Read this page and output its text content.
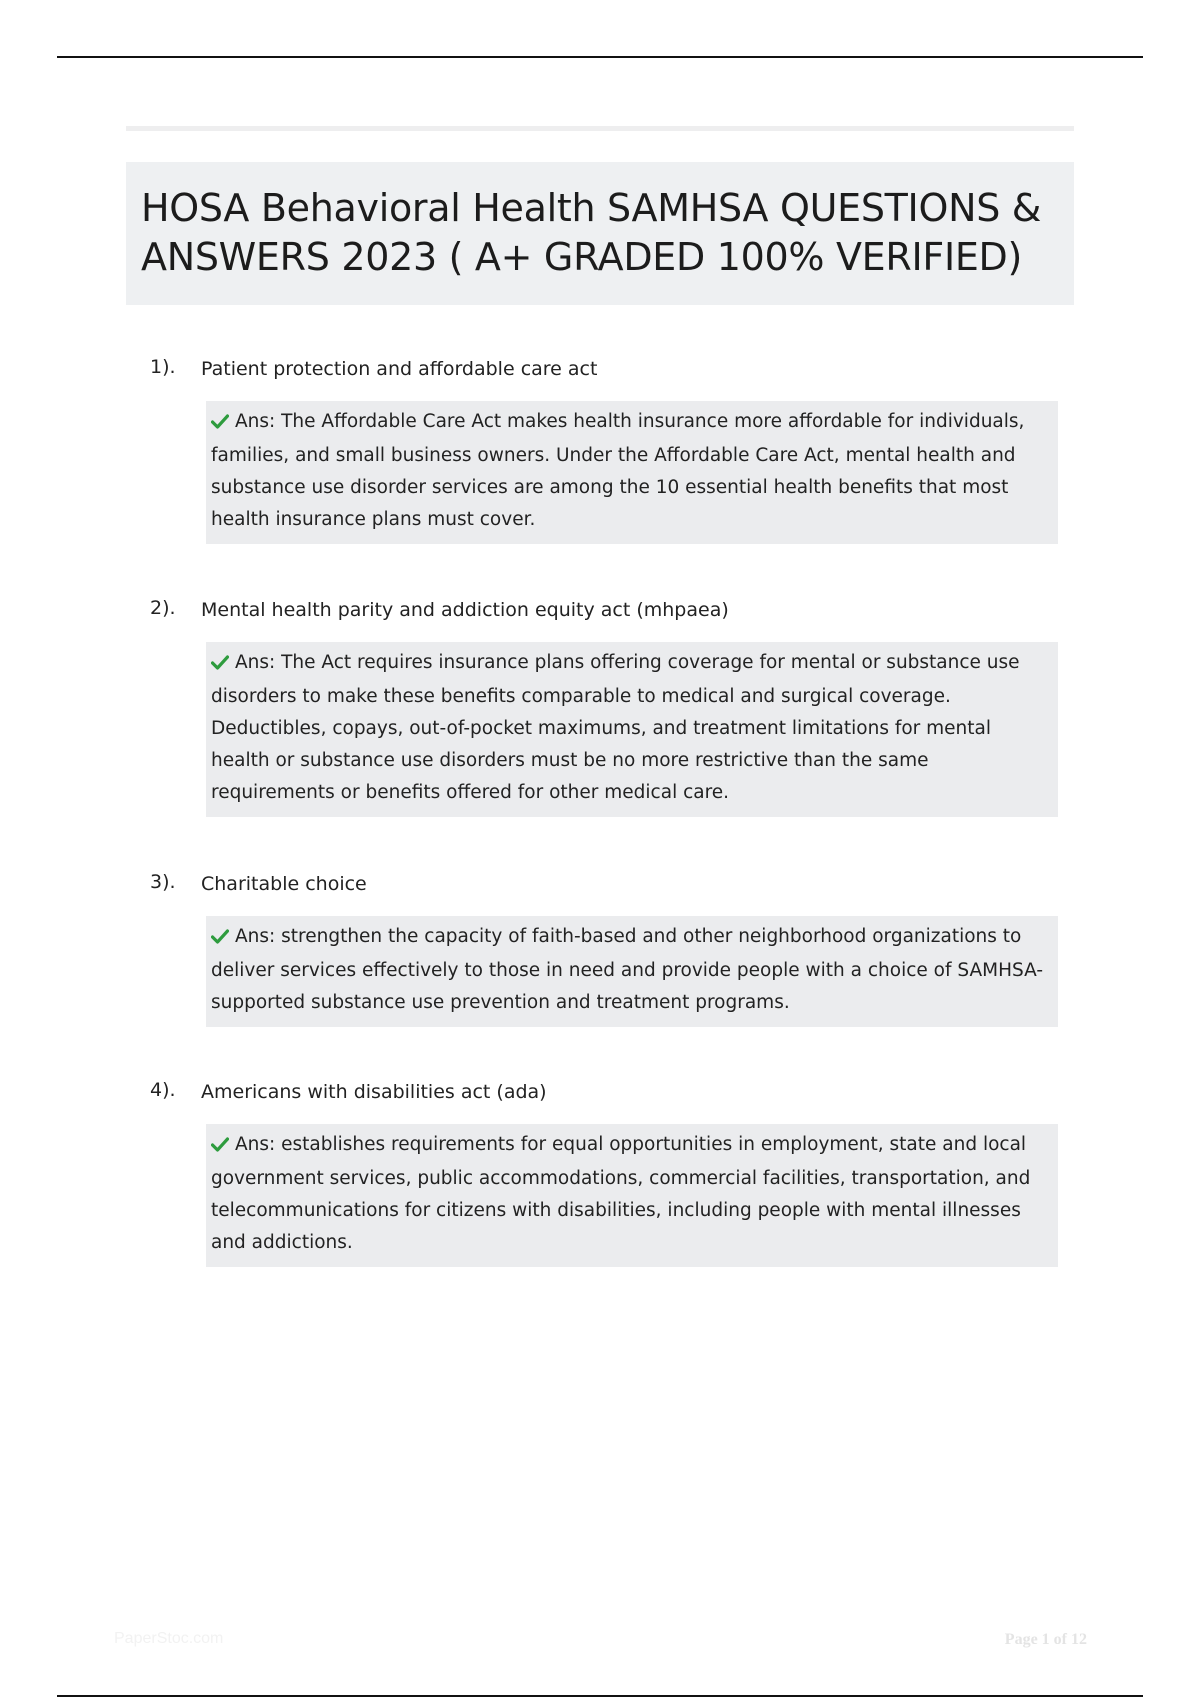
HOSA Behavioral Health SAMHSA QUESTIONS & ANSWERS 2023 ( A+ GRADED 100% VERIFIED)
1). Patient protection and affordable care act
Ans: The Affordable Care Act makes health insurance more affordable for individuals, families, and small business owners. Under the Affordable Care Act, mental health and substance use disorder services are among the 10 essential health benefits that most health insurance plans must cover.
2). Mental health parity and addiction equity act (mhpaea)
Ans: The Act requires insurance plans offering coverage for mental or substance use disorders to make these benefits comparable to medical and surgical coverage. Deductibles, copays, out-of-pocket maximums, and treatment limitations for mental health or substance use disorders must be no more restrictive than the same requirements or benefits offered for other medical care.
3). Charitable choice
Ans: strengthen the capacity of faith-based and other neighborhood organizations to deliver services effectively to those in need and provide people with a choice of SAMHSA-supported substance use prevention and treatment programs.
4). Americans with disabilities act (ada)
Ans: establishes requirements for equal opportunities in employment, state and local government services, public accommodations, commercial facilities, transportation, and telecommunications for citizens with disabilities, including people with mental illnesses and addictions.
PaperStoc.com	Page 1 of 12
